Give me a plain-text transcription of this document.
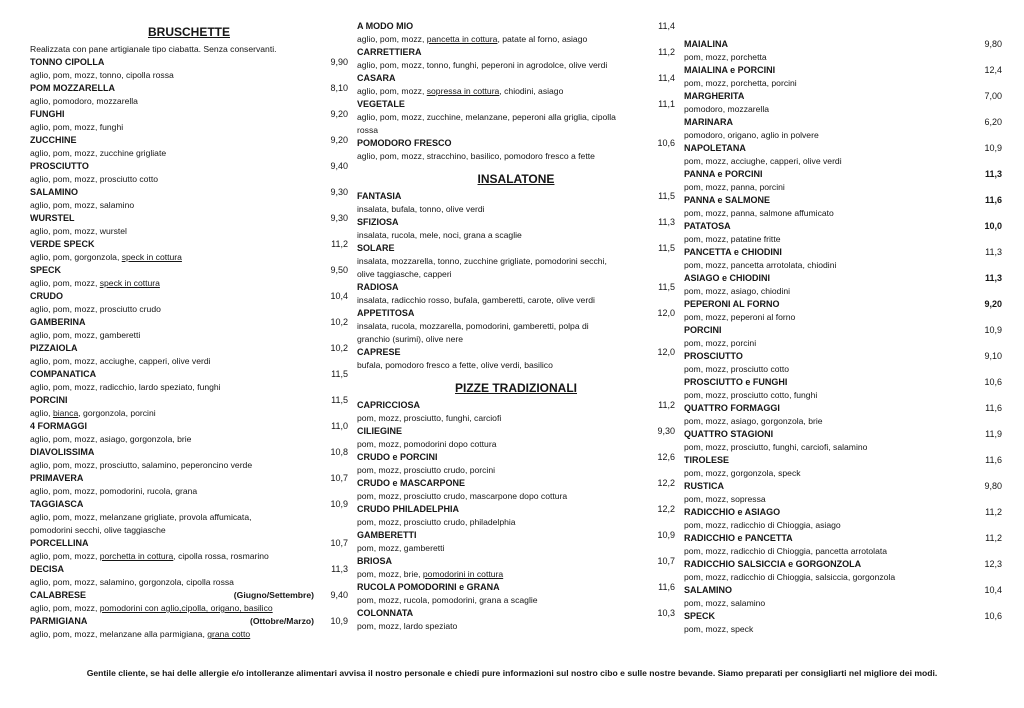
BRUSCHETTE
Realizzata con pane artigianale tipo ciabatta. Senza conservanti.
TONNO CIPOLLA	9,90
aglio, pom, mozz, tonno, cipolla rossa
POM MOZZARELLA	8,10
aglio, pomodoro, mozzarella
FUNGHI	9,20
aglio, pom, mozz, funghi
ZUCCHINE	9,20
aglio, pom, mozz, zucchine grigliate
PROSCIUTTO	9,40
aglio, pom, mozz, prosciutto cotto
SALAMINO	9,30
aglio, pom, mozz, salamino
WURSTEL	9,30
aglio, pom, mozz, wurstel
VERDE SPECK	11,2
aglio, pom, gorgonzola, speck in cottura
SPECK	9,50
aglio, pom, mozz, speck in cottura
CRUDO	10,4
aglio, pom, mozz, prosciutto crudo
GAMBERINA	10,2
aglio, pom, mozz, gamberetti
PIZZAIOLA	10,2
aglio, pom, mozz, acciughe, capperi, olive verdi
COMPANATICA	11,5
aglio, pom, mozz, radicchio, lardo speziato, funghi
PORCINI	11,5
aglio, bianca, gorgonzola, porcini
4 FORMAGGI	11,0
aglio, pom, mozz, asiago, gorgonzola, brie
DIAVOLISSIMA	10,8
aglio, pom, mozz, prosciutto, salamino, peperoncino verde
PRIMAVERA	10,7
aglio, pom, mozz, pomodorini, rucola, grana
TAGGIASCA	10,9
aglio, pom, mozz, melanzane grigliate, provola affumicata,
pomodorini secchi, olive taggiasche
PORCELLINA	10,7
aglio, pom, mozz, porchetta in cottura, cipolla rossa, rosmarino
DECISA	11,3
aglio, pom, mozz, salamino, gorgonzola, cipolla rossa
CALABRESE	(Giugno/Settembre)	9,40
aglio, pom, mozz, pomodorini con aglio,cipolla, origano, basilico
PARMIGIANA	(Ottobre/Marzo)	10,9
aglio, pom, mozz, melanzane alla parmigiana, grana cotto
A MODO MIO	11,4
aglio, pom, mozz, pancetta in cottura, patate al forno, asiago
CARRETTIERA	11,2
aglio, pom, mozz, tonno, funghi, peperoni in agrodolce, olive verdi
CASARA	11,4
aglio, pom, mozz, sopressa in cottura, chiodini, asiago
VEGETALE	11,1
aglio, pom, mozz, zucchine, melanzane, peperoni alla griglia, cipolla
rossa
POMODORO FRESCO	10,6
aglio, pom, mozz, stracchino, basilico, pomodoro fresco a fette
INSALATONE
FANTASIA	11,5
insalata, bufala, tonno, olive verdi
SFIZIOSA	11,3
insalata, rucola, mele, noci, grana a scaglie
SOLARE	11,5
insalata, mozzarella, tonno, zucchine grigliate, pomodorini secchi,
olive taggiasche, capperi
RADIOSA	11,5
insalata, radicchio rosso, bufala, gamberetti, carote, olive verdi
APPETITOSA	12,0
insalata, rucola, mozzarella, pomodorini, gamberetti, polpa di
granchio (surimi), olive nere
CAPRESE	12,0
bufala, pomodoro fresco a fette, olive verdi, basilico
PIZZE TRADIZIONALI
CAPRICCIOSA	11,2
pom, mozz, prosciutto, funghi, carciofi
CILIEGINE	9,30
pom, mozz, pomodorini dopo cottura
CRUDO e PORCINI	12,6
pom, mozz, prosciutto crudo, porcini
CRUDO e MASCARPONE	12,2
pom, mozz, prosciutto crudo, mascarpone dopo cottura
CRUDO PHILADELPHIA	12,2
pom, mozz, prosciutto crudo, philadelphia
GAMBERETTI	10,9
pom, mozz, gamberetti
BRIOSA	10,7
pom, mozz, brie, pomodorini in cottura
RUCOLA POMODORINI e GRANA	11,6
pom, mozz, rucola, pomodorini, grana a scaglie
COLONNATA	10,3
pom, mozz, lardo speziato
MAIALINA	9,80
pom, mozz, porchetta
MAIALINA e PORCINI	12,4
pom, mozz, porchetta, porcini
MARGHERITA	7,00
pomodoro, mozzarella
MARINARA	6,20
pomodoro, origano, aglio in polvere
NAPOLETANA	10,9
pom, mozz, acciughe, capperi, olive verdi
PANNA e PORCINI	11,3
pom, mozz, panna, porcini
PANNA e SALMONE	11,6
pom, mozz, panna, salmone affumicato
PATATOSA	10,0
pom, mozz, patatine fritte
PANCETTA e CHIODINI	11,3
pom, mozz, pancetta arrotolata, chiodini
ASIAGO e CHIODINI	11,3
pom, mozz, asiago, chiodini
PEPERONI AL FORNO	9,20
pom, mozz, peperoni al forno
PORCINI	10,9
pom, mozz, porcini
PROSCIUTTO	9,10
pom, mozz, prosciutto cotto
PROSCIUTTO e FUNGHI	10,6
pom, mozz, prosciutto cotto, funghi
QUATTRO FORMAGGI	11,6
pom, mozz, asiago, gorgonzola, brie
QUATTRO STAGIONI	11,9
pom, mozz, prosciutto, funghi, carciofi, salamino
TIROLESE	11,6
pom, mozz, gorgonzola, speck
RUSTICA	9,80
pom, mozz, sopressa
RADICCHIO e ASIAGO	11,2
pom, mozz, radicchio di Chioggia, asiago
RADICCHIO e PANCETTA	11,2
pom, mozz, radicchio di Chioggia, pancetta arrotolata
RADICCHIO SALSICCIA e GORGONZOLA	12,3
pom, mozz, radicchio di Chioggia, salsiccia, gorgonzola
SALAMINO	10,4
pom, mozz, salamino
SPECK	10,6
pom, mozz, speck
Gentile cliente, se hai delle allergie e/o intolleranze alimentari avvisa il nostro personale e chiedi pure informazioni sul nostro cibo e sulle nostre bevande. Siamo preparati per consigliarti nel migliore dei modi.
